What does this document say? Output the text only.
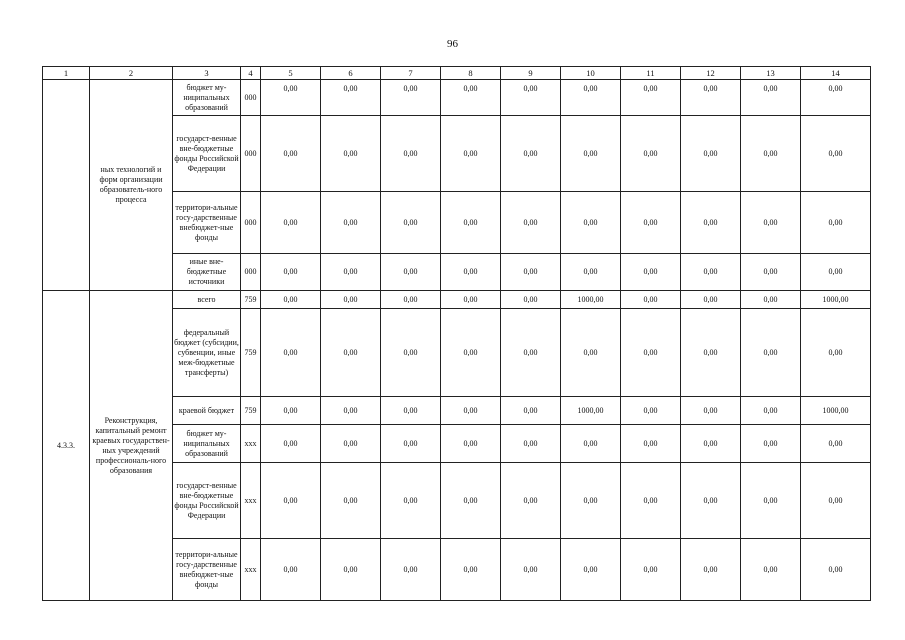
96
1	2	3	4	5	6	7	8	9	10	11	12	13	14
	ных технологий и форм организации образователь-ного процесса	бюджет му-ниципальных образований	000	0,00	0,00	0,00	0,00	0,00	0,00	0,00	0,00	0,00	0,00
		государст-венные вне-бюджетные фонды Российской Федерации	000	0,00	0,00	0,00	0,00	0,00	0,00	0,00	0,00	0,00	0,00
		территори-альные госу-дарственные внебюджет-ные фонды	000	0,00	0,00	0,00	0,00	0,00	0,00	0,00	0,00	0,00	0,00
		иные вне-бюджетные источники	000	0,00	0,00	0,00	0,00	0,00	0,00	0,00	0,00	0,00	0,00
4.3.3.	Реконструкция, капитальный ремонт краевых государствен-ных учреждений профессиональ-ного образования	всего	759	0,00	0,00	0,00	0,00	0,00	1000,00	0,00	0,00	0,00	1000,00
		федеральный бюджет (субсидии, субвенции, иные меж-бюджетные трансферты)	759	0,00	0,00	0,00	0,00	0,00	0,00	0,00	0,00	0,00	0,00
		краевой бюджет	759	0,00	0,00	0,00	0,00	0,00	1000,00	0,00	0,00	0,00	1000,00
		бюджет му-ниципальных образований	xxx	0,00	0,00	0,00	0,00	0,00	0,00	0,00	0,00	0,00	0,00
		государст-венные вне-бюджетные фонды Российской Федерации	xxx	0,00	0,00	0,00	0,00	0,00	0,00	0,00	0,00	0,00	0,00
		территори-альные госу-дарственные внебюджет-ные фонды	xxx	0,00	0,00	0,00	0,00	0,00	0,00	0,00	0,00	0,00	0,00
